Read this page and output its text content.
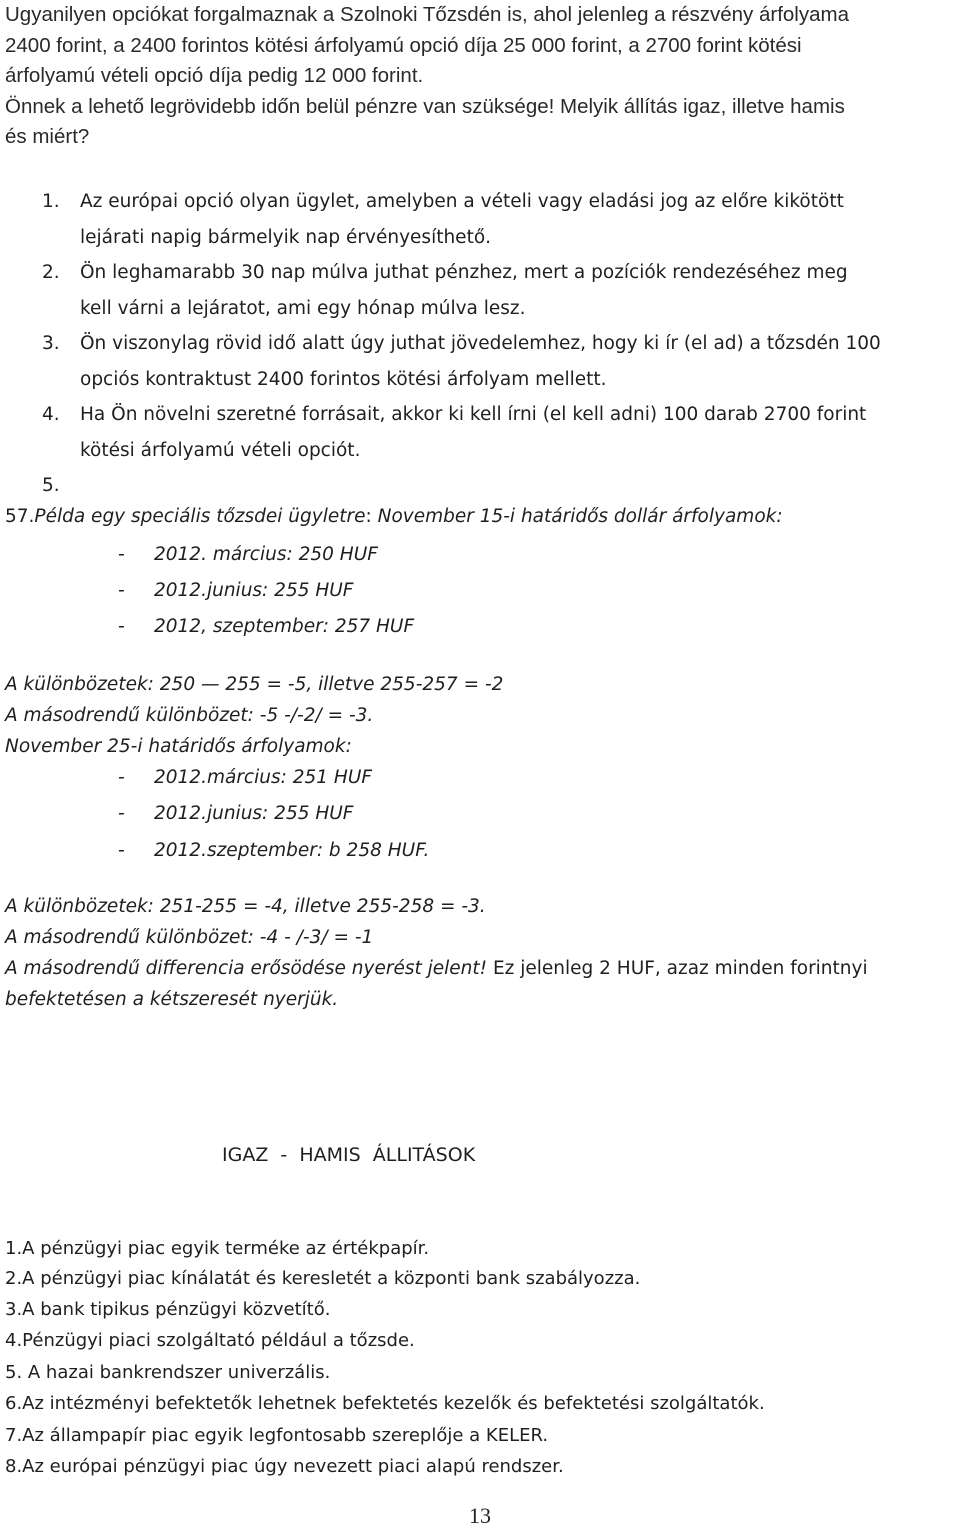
Ugyanilyen opciókat forgalmaznak a Szolnoki Tőzsdén is, ahol jelenleg a részvény árfolyama

2400 forint, a 2400 forintos kötési árfolyamú opció díja 25 000 forint, a 2700 forint kötési

árfolyamú vételi opció díja pedig 12 000 forint.

Önnek a lehető legrövidebb időn belül pénzre van szüksége! Melyik állítás igaz, illetve hamis

és miért?

1. Az európai opció olyan ügylet, amelyben a vételi vagy eladási jog az előre kikötött
lejárati napig bármelyik nap érvényesíthető.
2. Ön leghamarabb 30 nap múlva juthat pénzhez, mert a pozíciók rendezéséhez meg
kell várni a lejáratot, ami egy hónap múlva lesz.
3. Ön viszonylag rövid idő alatt úgy juthat jövedelemhez, hogy ki ír (el ad) a tőzsdén 100
opciós kontraktust 2400 forintos kötési árfolyam mellett.
4. Ha Ön növelni szeretné forrásait, akkor ki kell írni (el kell adni) 100 darab 2700 forint
kötési árfolyamú vételi opciót.
5.
57.Példa egy speciális tőzsdei ügyletre: November 15-i határidős dollár árfolyamok:
- 2012. március: 250 HUF
- 2012.junius: 255 HUF
- 2012, szeptember: 257 HUF
A különbözetek: 250 — 255 = -5, illetve 255-257 = -2
A másodrendű különbözet: -5 -/-2/ = -3.
November 25-i határidős árfolyamok:
- 2012.március: 251 HUF
- 2012.junius: 255 HUF
- 2012.szeptember: b 258 HUF.
A különbözetek: 251-255 = -4, illetve 255-258 = -3.
A másodrendű különbözet: -4 - /-3/ = -1
A másodrendű differencia erősödése nyerést jelent! Ez jelenleg 2 HUF, azaz minden forintnyi
befektetésen a kétszeresét nyerjük.
IGAZ  -  HAMIS  ÁLLITÁSOK
1.A pénzügyi piac egyik terméke az értékpapír.
2.A pénzügyi piac kínálatát és keresletét a központi bank szabályozza.
3.A bank tipikus pénzügyi közvetítő.
4.Pénzügyi piaci szolgáltató például a tőzsde.
5. A hazai bankrendszer univerzális.
6.Az intézményi befektetők lehetnek befektetés kezelők és befektetési szolgáltatók.
7.Az állampapír piac egyik legfontosabb szereplője a KELER.
8.Az európai pénzügyi piac úgy nevezett piaci alapú rendszer.
13
